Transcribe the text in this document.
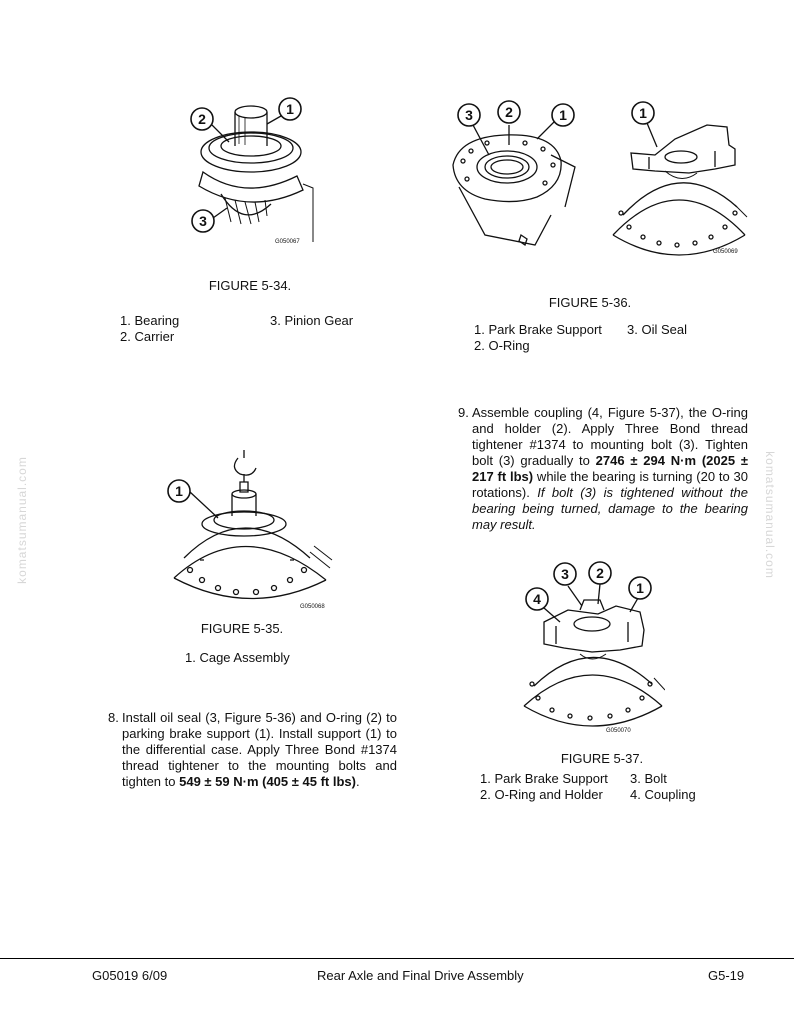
komatsumanual.com	komatsumanual.com
1
2
3
G050067
FIGURE 5-34.
1. Bearing	3. Pinion Gear
2. Carrier
1
G050068
FIGURE 5-35.
1. Cage Assembly
8. Install oil seal (3, Figure 5-36) and O-ring (2) to parking brake support (1). Install support (1) to the differential case. Apply Three Bond #1374 thread tightener to the mounting bolts and tighten to 549 ± 59 N·m (405 ± 45 ft lbs).
3 2	1	1
G050069
FIGURE 5-36.
1. Park Brake Support	3. Oil Seal
2. O-Ring
9. Assemble coupling (4, Figure 5-37), the O-ring and holder (2). Apply Three Bond thread tightener #1374 to mounting bolt (3). Tighten bolt (3) gradually to 2746 ± 294 N·m (2025 ± 217 ft lbs) while the bearing is turning (20 to 30 rotations). If bolt (3) is tightened without the bearing being turned, damage to the bearing may result.
4
3 2
1
G050070
FIGURE 5-37.
1. Park Brake Support	3. Bolt
2. O-Ring and Holder	4. Coupling
G05019 6/09	Rear Axle and Final Drive Assembly	G5-19
